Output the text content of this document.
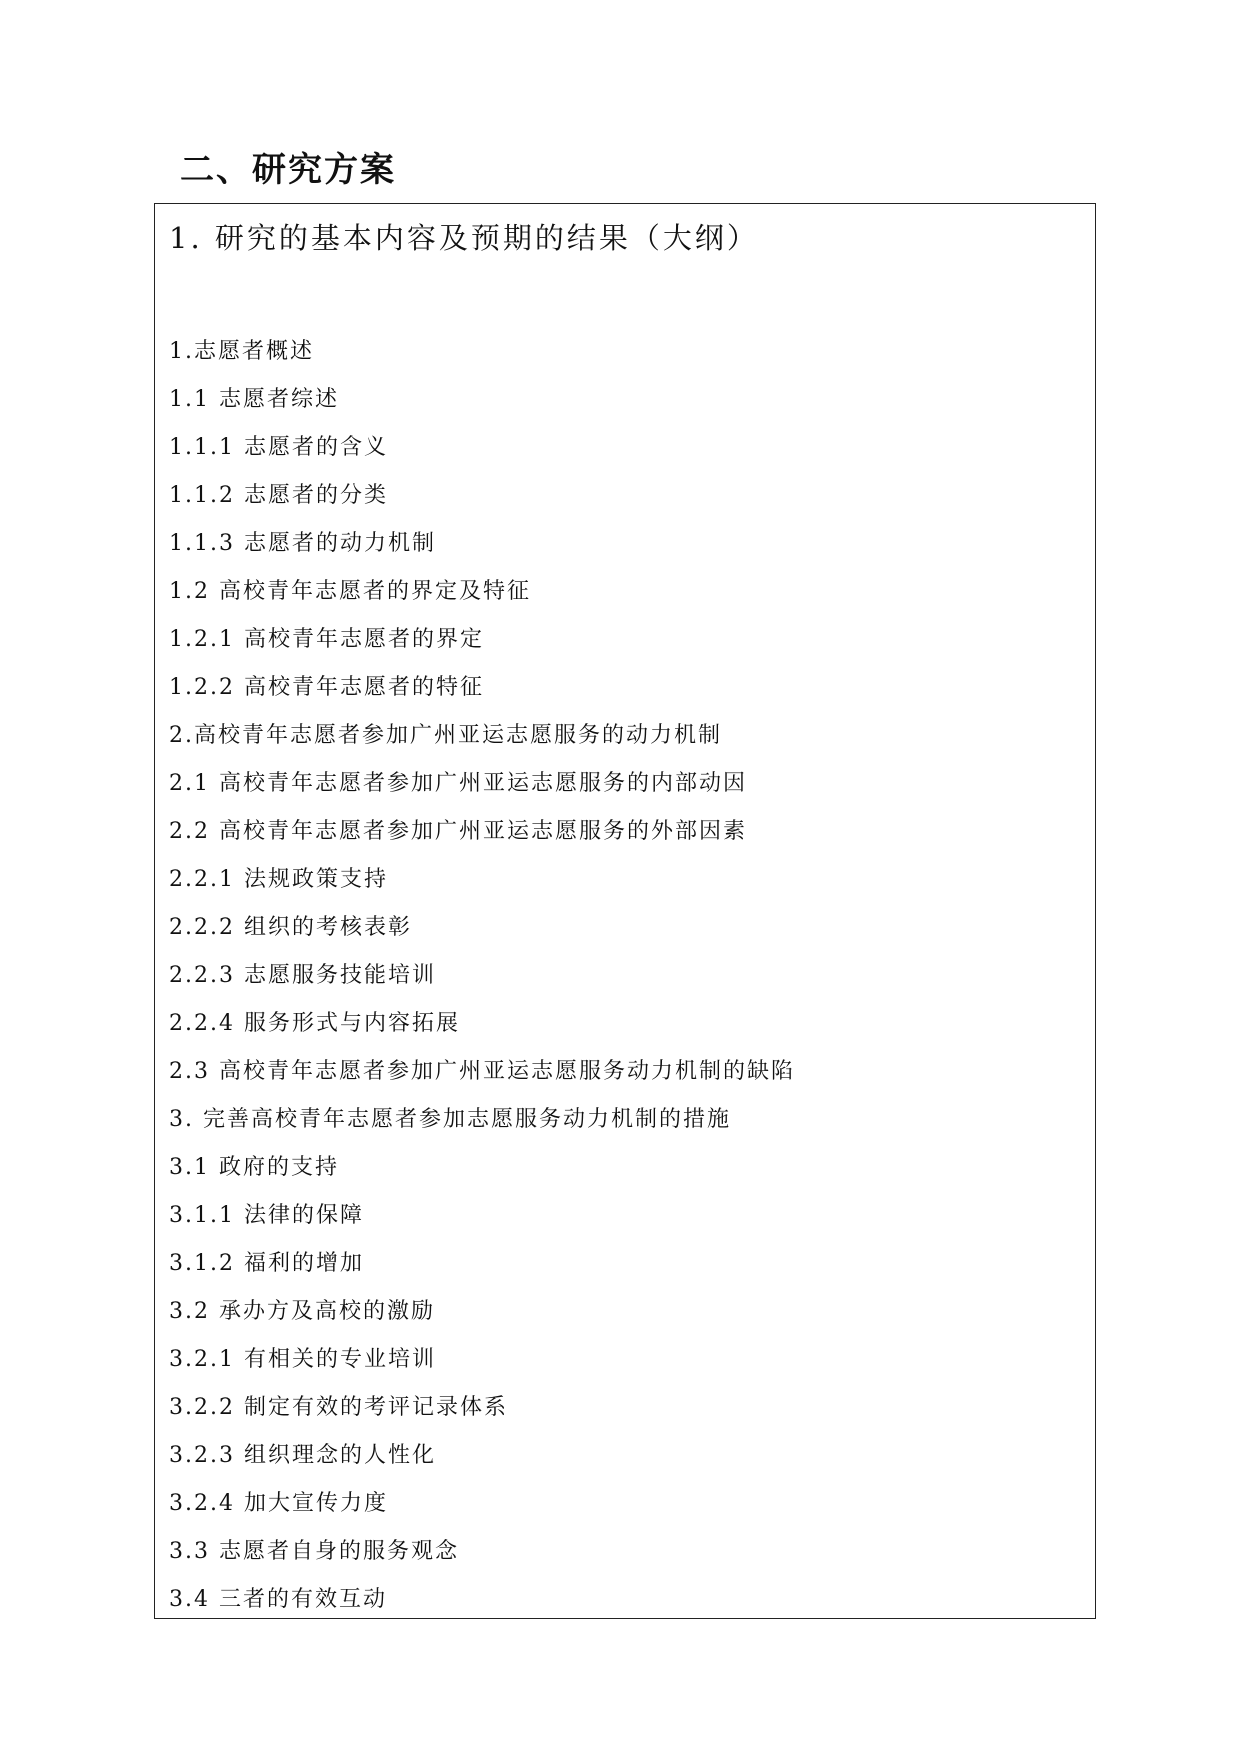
二、研究方案
1. 研究的基本内容及预期的结果（大纲）
1.志愿者概述
1.1 志愿者综述
1.1.1 志愿者的含义
1.1.2 志愿者的分类
1.1.3 志愿者的动力机制
1.2 高校青年志愿者的界定及特征
1.2.1 高校青年志愿者的界定
1.2.2 高校青年志愿者的特征
2.高校青年志愿者参加广州亚运志愿服务的动力机制
2.1 高校青年志愿者参加广州亚运志愿服务的内部动因
2.2 高校青年志愿者参加广州亚运志愿服务的外部因素
2.2.1 法规政策支持
2.2.2 组织的考核表彰
2.2.3 志愿服务技能培训
2.2.4 服务形式与内容拓展
2.3 高校青年志愿者参加广州亚运志愿服务动力机制的缺陷
3. 完善高校青年志愿者参加志愿服务动力机制的措施
3.1 政府的支持
3.1.1 法律的保障
3.1.2 福利的增加
3.2 承办方及高校的激励
3.2.1 有相关的专业培训
3.2.2 制定有效的考评记录体系
3.2.3 组织理念的人性化
3.2.4 加大宣传力度
3.3 志愿者自身的服务观念
3.4 三者的有效互动
